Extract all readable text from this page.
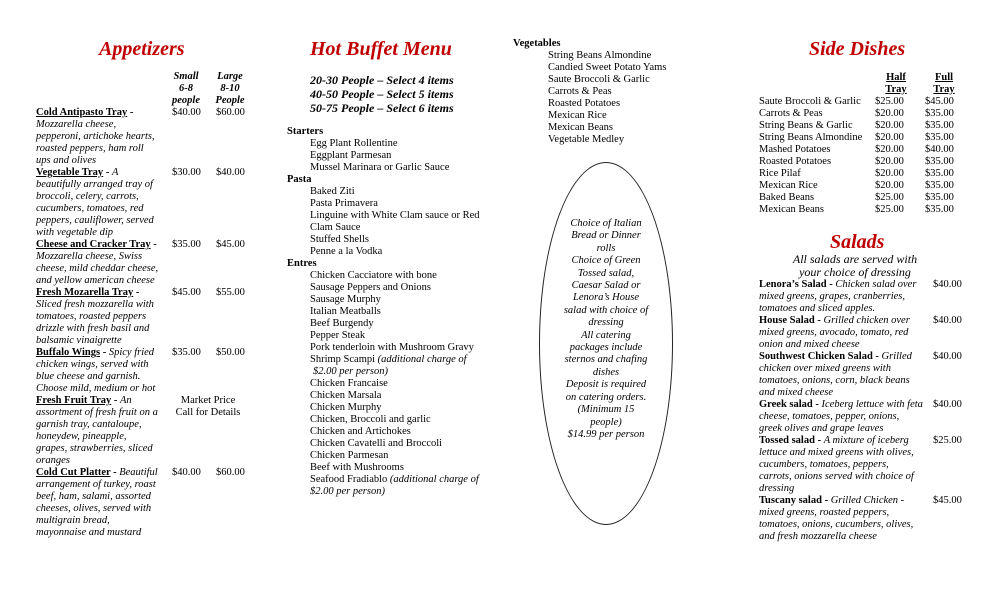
Appetizers
Small
6-8
people
Large
8-10
People
Cold Antipasto Tray -
Mozzarella cheese,
pepperoni, artichoke hearts,
roasted peppers, ham roll
ups and olives
$40.00 $60.00
Vegetable Tray - A
beautifully arranged tray of
broccoli, celery, carrots,
cucumbers, tomatoes, red
peppers, cauliflower, served
with vegetable dip
$30.00 $40.00
Cheese and Cracker Tray -
Mozzarella cheese, Swiss
cheese, mild cheddar cheese,
and yellow american cheese
$35.00 $45.00
Fresh Mozarella Tray -
Sliced fresh mozzarella with
tomatoes, roasted peppers
drizzle with fresh basil and
balsamic vinaigrette
$45.00 $55.00
Buffalo Wings - Spicy fried
chicken wings, served with
blue cheese and garnish.
Choose mild, medium or hot
$35.00 $50.00
Fresh Fruit Tray - An
assortment of fresh fruit on a
garnish tray, cantaloupe,
honeydew, pineapple,
grapes, strawberries, sliced
oranges
Market Price
Call for Details
Cold Cut Platter - Beautiful
arrangement of turkey, roast
beef, ham, salami, assorted
cheeses, olives, served with
multigrain bread,
mayonnaise and mustard
$40.00 $60.00
Hot Buffet Menu
20-30 People – Select 4 items
40-50 People – Select 5 items
50-75 People – Select 6 items
Starters
Egg Plant Rollentine
Eggplant Parmesan
Mussel Marinara or Garlic Sauce
Pasta
Baked Ziti
Pasta Primavera
Linguine with White Clam sauce or Red
Clam Sauce
Stuffed Shells
Penne a la Vodka
Entres
Chicken Cacciatore with bone
Sausage Peppers and Onions
Sausage Murphy
Italian Meatballs
Beef Burgendy
Pepper Steak
Pork tenderloin with Mushroom Gravy
Shrimp Scampi (additional charge of
$2.00 per person)
Chicken Francaise
Chicken Marsala
Chicken Murphy
Chicken, Broccoli and garlic
Chicken and Artichokes
Chicken Cavatelli and Broccoli
Chicken Parmesan
Beef with Mushrooms
Seafood Fradiablo (additional charge of
$2.00 per person)
Vegetables
String Beans Almondine
Candied Sweet Potato Yams
Saute Broccoli & Garlic
Carrots & Peas
Roasted Potatoes
Mexican Rice
Mexican Beans
Vegetable Medley
Choice of Italian
Bread or Dinner
rolls
Choice of Green
Tossed salad,
Caesar Salad or
Lenora’s House
salad with choice of
dressing
All catering
packages include
sternos and chafing
dishes
Deposit is required
on catering orders.
(Minimum 15
people)
$14.99 per person
Side Dishes
Half
Tray
Full
Tray
Saute Broccoli & Garlic	$25.00	$45.00
Carrots & Peas	$20.00	$35.00
String Beans & Garlic	$20.00	$35.00
String Beans Almondine	$20.00	$35.00
Mashed Potatoes	$20.00	$40.00
Roasted Potatoes	$20.00	$35.00
Rice Pilaf	$20.00	$35.00
Mexican Rice	$20.00	$35.00
Baked Beans	$25.00	$35.00
Mexican Beans	$25.00	$35.00
Salads
All salads are served with
your choice of dressing
Lenora’s Salad - Chicken salad over
mixed greens, grapes, cranberries,
tomatoes and sliced apples.
$40.00
House Salad - Grilled chicken over
mixed greens, avocado, tomato, red
onion and mixed cheese
$40.00
Southwest Chicken Salad - Grilled
chicken over mixed greens with
tomatoes, onions, corn, black beans
and mixed cheese
$40.00
Greek salad - Iceberg lettuce with feta
cheese, tomatoes, pepper, onions,
greek olives and grape leaves
$40.00
Tossed salad - A mixture of iceberg
lettuce and mixed greens with olives,
cucumbers, tomatoes, peppers,
carrots, onions served with choice of
dressing
$25.00
Tuscany salad - Grilled Chicken -
mixed greens, roasted peppers,
tomatoes, onions, cucumbers, olives,
and fresh mozzarella cheese
$45.00
